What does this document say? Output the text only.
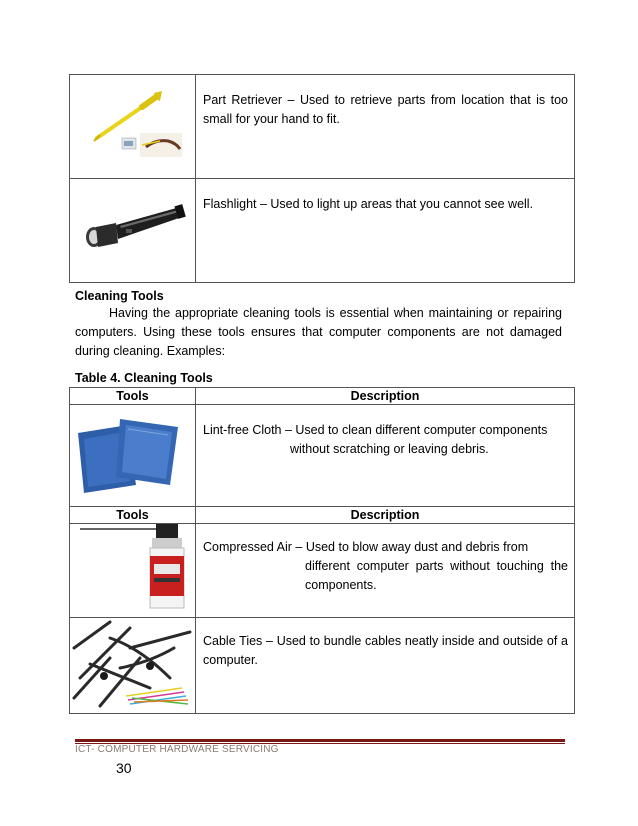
	Part Retriever – Used to retrieve parts from location that is too small for your hand to fit.
	Flashlight – Used to light up areas that you cannot see well.
Cleaning Tools
Having the appropriate cleaning tools is essential when maintaining or repairing computers. Using these tools ensures that computer components are not damaged during cleaning. Examples:
Table 4. Cleaning Tools
Tools	Description

Lint-free Cloth – Used to clean different computer components
without scratching or leaving debris.

Tools	Description

Compressed Air – Used to blow away dust and debris from
different computer parts without touching the components.

	Cable Ties – Used to bundle cables neatly inside and outside of a computer.
ICT- COMPUTER HARDWARE SERVICING
30
